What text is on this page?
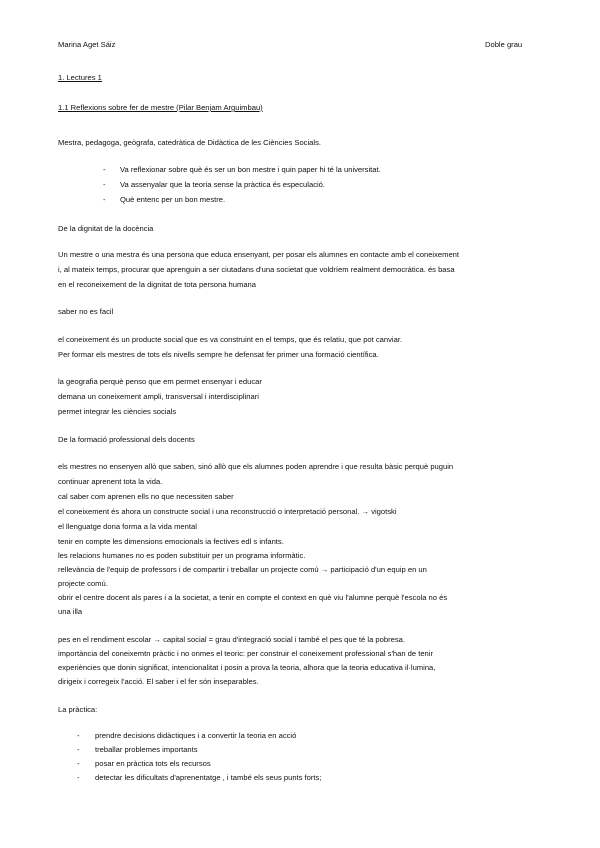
Marina Aget Sáiz	Doble grau
1. Lectures 1
1.1 Reflexions sobre fer de mestre (Pilar Benjam Arguimbau)
Mestra, pedagoga, geògrafa, catedràtica de Didàctica de les Ciències Socials.
- Va reflexionar sobre què és ser un bon mestre i quin paper hi té la universitat.
- Va assenyalar que la teoria sense la pràctica és especulació.
- Què entenc per un bon mestre.
De la dignitat de la docència
Un mestre o una mestra és una persona que educa ensenyant, per posar els alumnes en contacte amb el coneixement
i, al mateix temps, procurar que aprenguin a ser ciutadans d'una societat que voldríem realment democràtica. és basa
en el reconeixement de la dignitat de tota persona humana
saber no es facil
el coneixement és un producte social que es va construint en el temps, que és relatiu, que pot canviar.
Per formar els mestres de tots els nivells sempre he defensat fer primer una formació científica.
la geografia perquè penso que em permet ensenyar i educar
demana un coneixement ampli, transversal i interdisciplinari
permet integrar les ciències socials
De la formació professional dels docents
els mestres no ensenyen allò que saben, sinó allò que els alumnes poden aprendre i que resulta bàsic perquè puguin
continuar aprenent tota la vida.
cal saber com aprenen ells no que necessiten saber
el coneixement és ahora un constructe social i una reconstrucció o interpretació personal. → vigotski
el llenguatge dona forma a la vida mental
tenir en compte les dimensions emocionals ia fectives edl s infants.
les relacions humanes no es poden substituir per un programa informàtic.
rellevància de l'equip de professors i de compartir i treballar un projecte comú → participació d'un equip en un
projecte comú.
obrir el centre docent als pares i a la societat, a tenir en compte el context en què viu l'alumne perquè l'escola no és
una illa
pes en el rendiment escolar → capital social = grau d'integració social i també el pes que té la pobresa.
importància del coneixemtn pràctic i no onmes el teoric: per construir el coneixement professional s'han de tenir
experiències que donin significat, intencionalitat i posin a prova la teoria, alhora que la teoria educativa il·lumina,
dirigeix i corregeix l'acció. El saber i el fer són inseparables.
La pràctica:
- prendre decisions didàctiques i a convertir la teoria en acció
- treballar problemes importants
- posar en pràctica tots els recursos
- detectar les dificultats d'aprenentatge , i també els seus punts forts;
